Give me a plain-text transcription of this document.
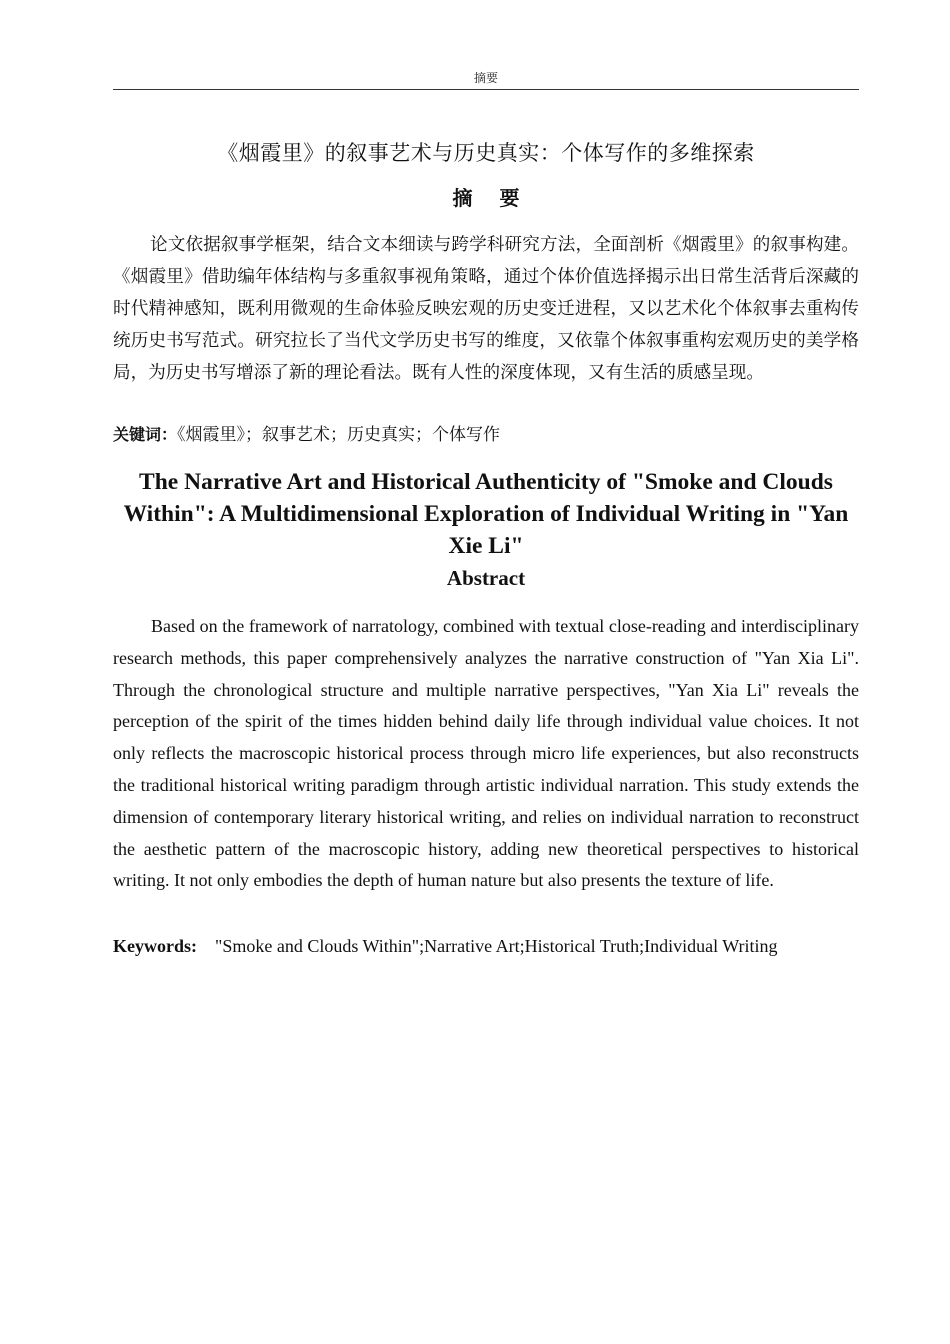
摘要
《烟霞里》的叙事艺术与历史真实：个体写作的多维探索
摘 要

论文依据叙事学框架，结合文本细读与跨学科研究方法，全面剖析《烟霞里》的叙事构建。《烟霞里》借助编年体结构与多重叙事视角策略，通过个体价值选择揭示出日常生活背后深藏的时代精神感知，既利用微观的生命体验反映宏观的历史变迁进程，又以艺术化个体叙事去重构传统历史书写范式。研究拉长了当代文学历史书写的维度，又依靠个体叙事重构宏观历史的美学格局，为历史书写增添了新的理论看法。既有人性的深度体现，又有生活的质感呈现。

关键词：《烟霞里》；叙事艺术；历史真实；个体写作
The Narrative Art and Historical Authenticity of "Smoke and Clouds Within": A Multidimensional Exploration of Individual Writing in "Yan Xie Li"
Abstract

Based on the framework of narratology, combined with textual close-reading and interdisciplinary research methods, this paper comprehensively analyzes the narrative construction of "Yan Xia Li". Through the chronological structure and multiple narrative perspectives, "Yan Xia Li" reveals the perception of the spirit of the times hidden behind daily life through individual value choices. It not only reflects the macroscopic historical process through micro life experiences, but also reconstructs the traditional historical writing paradigm through artistic individual narration. This study extends the dimension of contemporary literary historical writing, and relies on individual narration to reconstruct the aesthetic pattern of the macroscopic history, adding new theoretical perspectives to historical writing. It not only embodies the depth of human nature but also presents the texture of life.

Keywords: "Smoke and Clouds Within";Narrative Art;Historical Truth;Individual Writing
